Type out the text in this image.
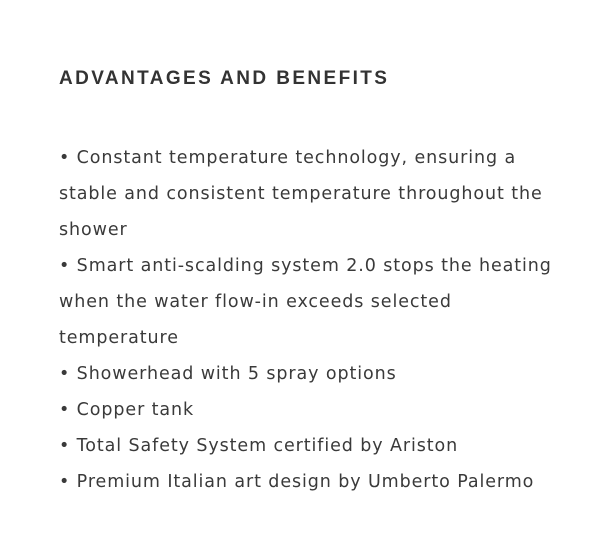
ADVANTAGES AND BENEFITS
• Constant temperature technology, ensuring a stable and consistent temperature throughout the shower
• Smart anti-scalding system 2.0 stops the heating when the water flow-in exceeds selected temperature
• Showerhead with 5 spray options
• Copper tank
• Total Safety System certified by Ariston
• Premium Italian art design by Umberto Palermo
